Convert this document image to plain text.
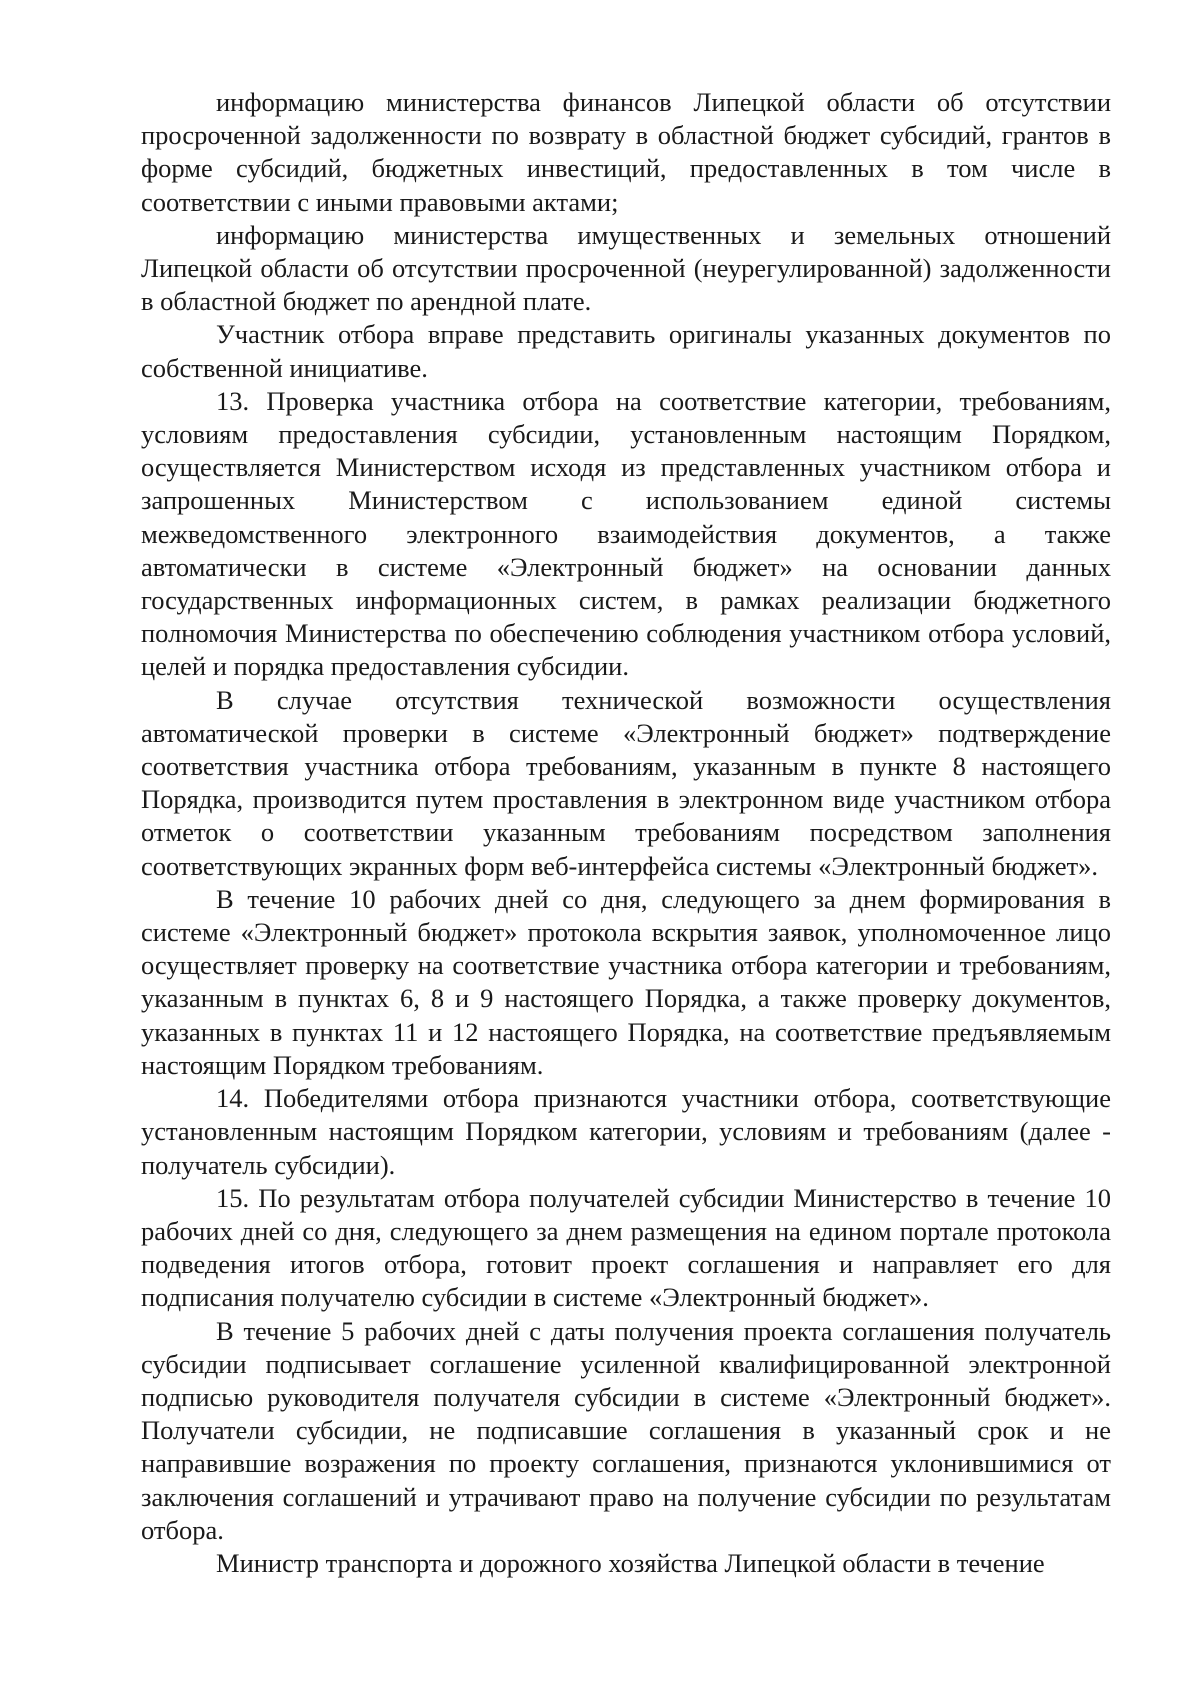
информацию министерства финансов Липецкой области об отсутствии просроченной задолженности по возврату в областной бюджет субсидий, грантов в форме субсидий, бюджетных инвестиций, предоставленных в том числе в соответствии с иными правовыми актами;

информацию министерства имущественных и земельных отношений Липецкой области об отсутствии просроченной (неурегулированной) задолженности в областной бюджет по арендной плате.

Участник отбора вправе представить оригиналы указанных документов по собственной инициативе.

13. Проверка участника отбора на соответствие категории, требованиям, условиям предоставления субсидии, установленным настоящим Порядком, осуществляется Министерством исходя из представленных участником отбора и запрошенных Министерством с использованием единой системы межведомственного электронного взаимодействия документов, а также автоматически в системе «Электронный бюджет» на основании данных государственных информационных систем, в рамках реализации бюджетного полномочия Министерства по обеспечению соблюдения участником отбора условий, целей и порядка предоставления субсидии.

В случае отсутствия технической возможности осуществления автоматической проверки в системе «Электронный бюджет» подтверждение соответствия участника отбора требованиям, указанным в пункте 8 настоящего Порядка, производится путем проставления в электронном виде участником отбора отметок о соответствии указанным требованиям посредством заполнения соответствующих экранных форм веб-интерфейса системы «Электронный бюджет».

В течение 10 рабочих дней со дня, следующего за днем формирования в системе «Электронный бюджет» протокола вскрытия заявок, уполномоченное лицо осуществляет проверку на соответствие участника отбора категории и требованиям, указанным в пунктах 6, 8 и 9 настоящего Порядка, а также проверку документов, указанных в пунктах 11 и 12 настоящего Порядка, на соответствие предъявляемым настоящим Порядком требованиям.

14. Победителями отбора признаются участники отбора, соответствующие установленным настоящим Порядком категории, условиям и требованиям (далее - получатель субсидии).

15. По результатам отбора получателей субсидии Министерство в течение 10 рабочих дней со дня, следующего за днем размещения на едином портале протокола подведения итогов отбора, готовит проект соглашения и направляет его для подписания получателю субсидии в системе «Электронный бюджет».

В течение 5 рабочих дней с даты получения проекта соглашения получатель субсидии подписывает соглашение усиленной квалифицированной электронной подписью руководителя получателя субсидии в системе «Электронный бюджет». Получатели субсидии, не подписавшие соглашения в указанный срок и не направившие возражения по проекту соглашения, признаются уклонившимися от заключения соглашений и утрачивают право на получение субсидии по результатам отбора.

Министр транспорта и дорожного хозяйства Липецкой области в течение
